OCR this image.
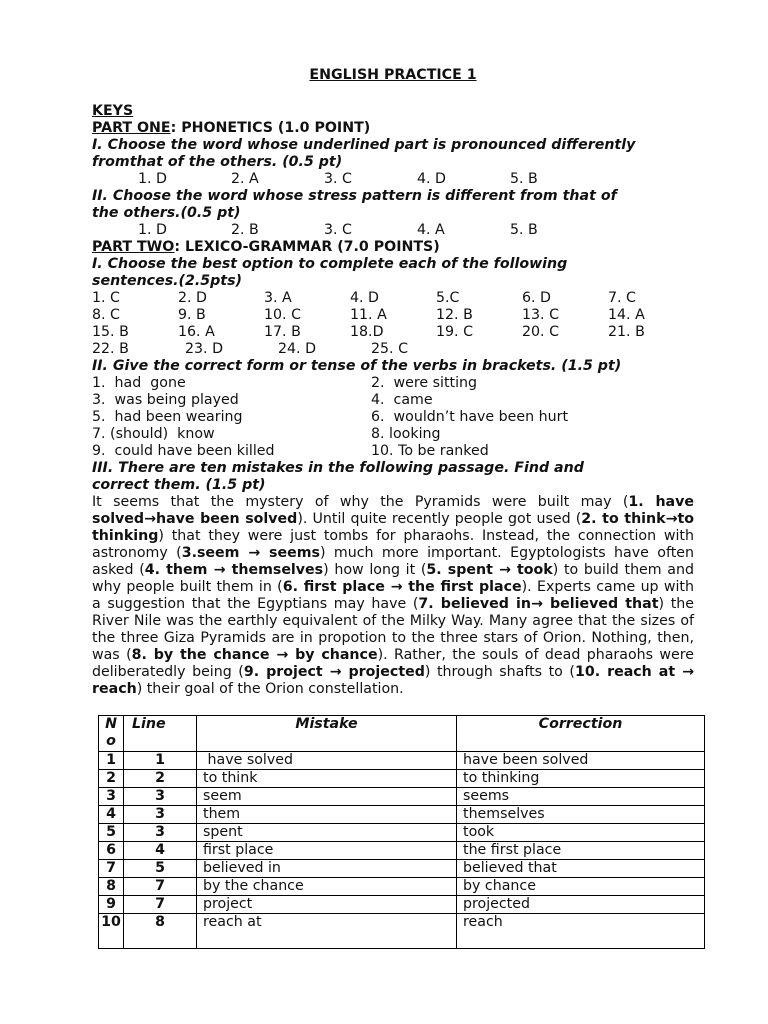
ENGLISH PRACTICE 1
KEYS
PART ONE: PHONETICS (1.0 POINT)
I. Choose the word whose underlined part is pronounced differently
fromthat of the others. (0.5 pt)
1. D	2. A	3. C	4. D	5. B
II. Choose the word whose stress pattern is different from that of
the others.(0.5 pt)
1. D	2. B	3. C	4. A	5. B
PART TWO: LEXICO-GRAMMAR (7.0 POINTS)
I. Choose the best option to complete each of the following
sentences.(2.5pts)
1. C	2. D	3. A	4. D	5.C	6. D	7. C
8. C	9. B	10. C	11. A	12. B	13. C	14. A
15. B	16. A	17. B	18.D	19. C	20. C	21. B
22. B	23. D	24. D	25. C
II. Give the correct form or tense of the verbs in brackets. (1.5 pt)
1.  had  gone	2.  were sitting
3.  was being played	4.  came
5.  had been wearing	6.  wouldn’t have been hurt
7. (should)  know	8. looking
9.  could have been killed	10. To be ranked
III. There are ten mistakes in the following passage. Find and
correct them. (1.5 pt)
It seems that the mystery of why the Pyramids were built may (1. have solved→have been solved). Until quite recently people got used (2. to think→to thinking) that they were just tombs for pharaohs. Instead, the connection with astronomy (3.seem → seems) much more important. Egyptologists have often asked (4. them → themselves) how long it (5. spent → took) to build them and why people built them in (6. first place → the first place). Experts came up with a suggestion that the Egyptians may have (7. believed in→ believed that) the River Nile was the earthly equivalent of the Milky Way. Many agree that the sizes of the three Giza Pyramids are in propotion to the three stars of Orion. Nothing, then, was (8. by the chance → by chance). Rather, the souls of dead pharaohs were deliberatedly being (9. project → projected) through shafts to (10. reach at → reach) their goal of the Orion constellation.
No	Line	Mistake	Correction
1	1	have solved	have been solved
2	2	to think	to thinking
3	3	seem	seems
4	3	them	themselves
5	3	spent	took
6	4	first place	the first place
7	5	believed in	believed that
8	7	by the chance	by chance
9	7	project	projected
10	8	reach at	reach
